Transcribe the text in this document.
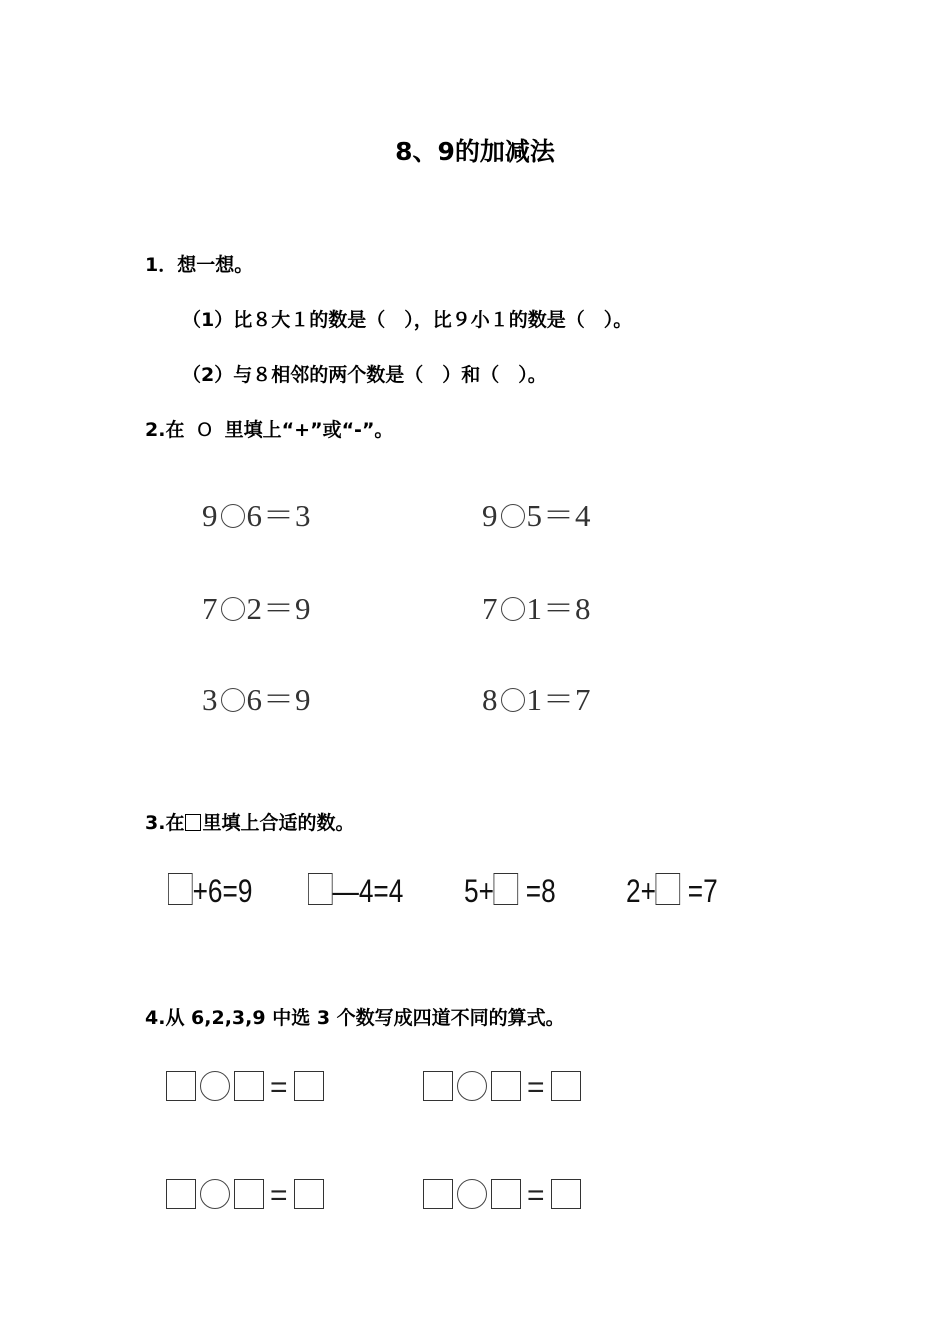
8、9的加减法
1．想一想。
（1）比８大１的数是（　），比９小１的数是（　）。
（2）与８相邻的两个数是（　）和（　）。
2.在 O 里填上“+”或“-”。
9 6＝3	9 5＝4
7 2＝9	7 1＝8
3 6＝9	8 1＝7
3.在 里填上合适的数。
+6=9	—4=4 5+ =8 2+ =7
4.从 6,2,3,9 中选 3 个数写成四道不同的算式。
=	=
=	=
